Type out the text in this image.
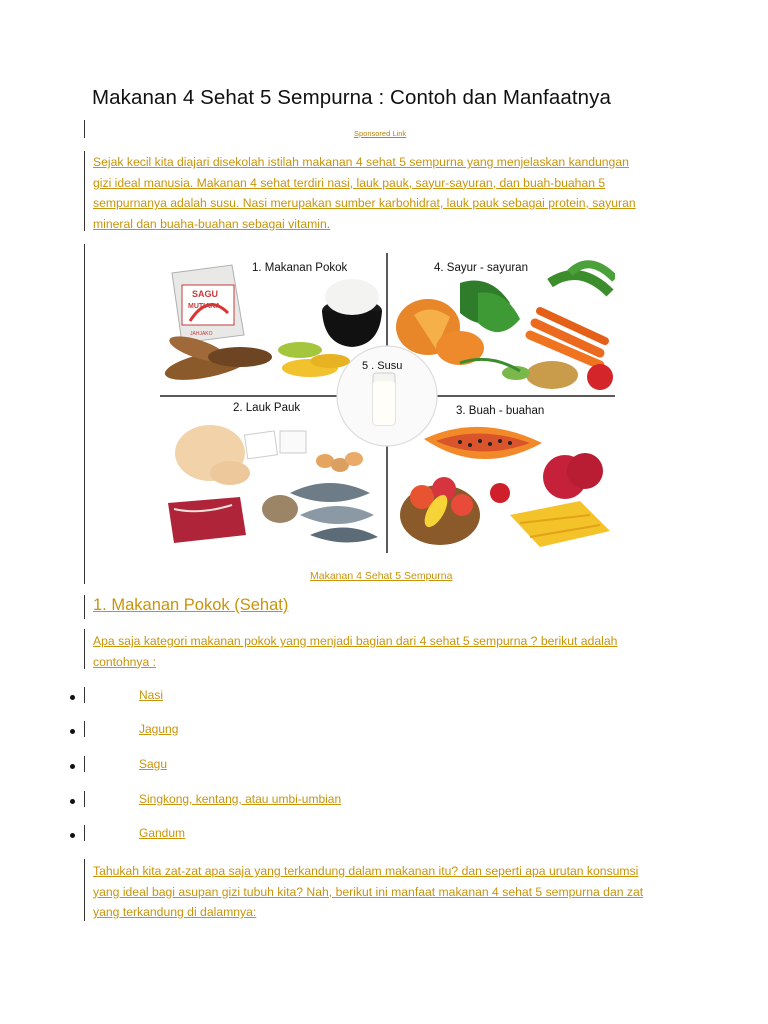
Makanan 4 Sehat 5 Sempurna : Contoh dan Manfaatnya
Sponsored Link
Sejak kecil kita diajari disekolah istilah makanan 4 sehat 5 sempurna yang menjelaskan kandungan
gizi ideal manusia. Makanan 4 sehat terdiri nasi, lauk pauk, sayur-sayuran, dan buah-buahan 5
sempurnanya adalah susu. Nasi merupakan sumber karbohidrat, lauk pauk sebagai protein, sayuran
mineral dan buaha-buahan sebagai vitamin.
1. Makanan Pokok	4. Sayur - sayuran
2. Lauk Pauk	3. Buah - buahan
5 . Susu
SAGU
MUTIARA
JAHJAKO
Makanan 4 Sehat 5 Sempurna
1. Makanan Pokok (Sehat)
Apa saja kategori makanan pokok yang menjadi bagian dari 4 sehat 5 sempurna ? berikut adalah
contohnya :
Nasi
Jagung
Sagu
Singkong, kentang, atau umbi-umbian
Gandum
Tahukah kita zat-zat apa saja yang terkandung dalam makanan itu? dan seperti apa urutan konsumsi
yang ideal bagi asupan gizi tubuh kita? Nah, berikut ini manfaat makanan 4 sehat 5 sempurna dan zat
yang terkandung di dalamnya:
